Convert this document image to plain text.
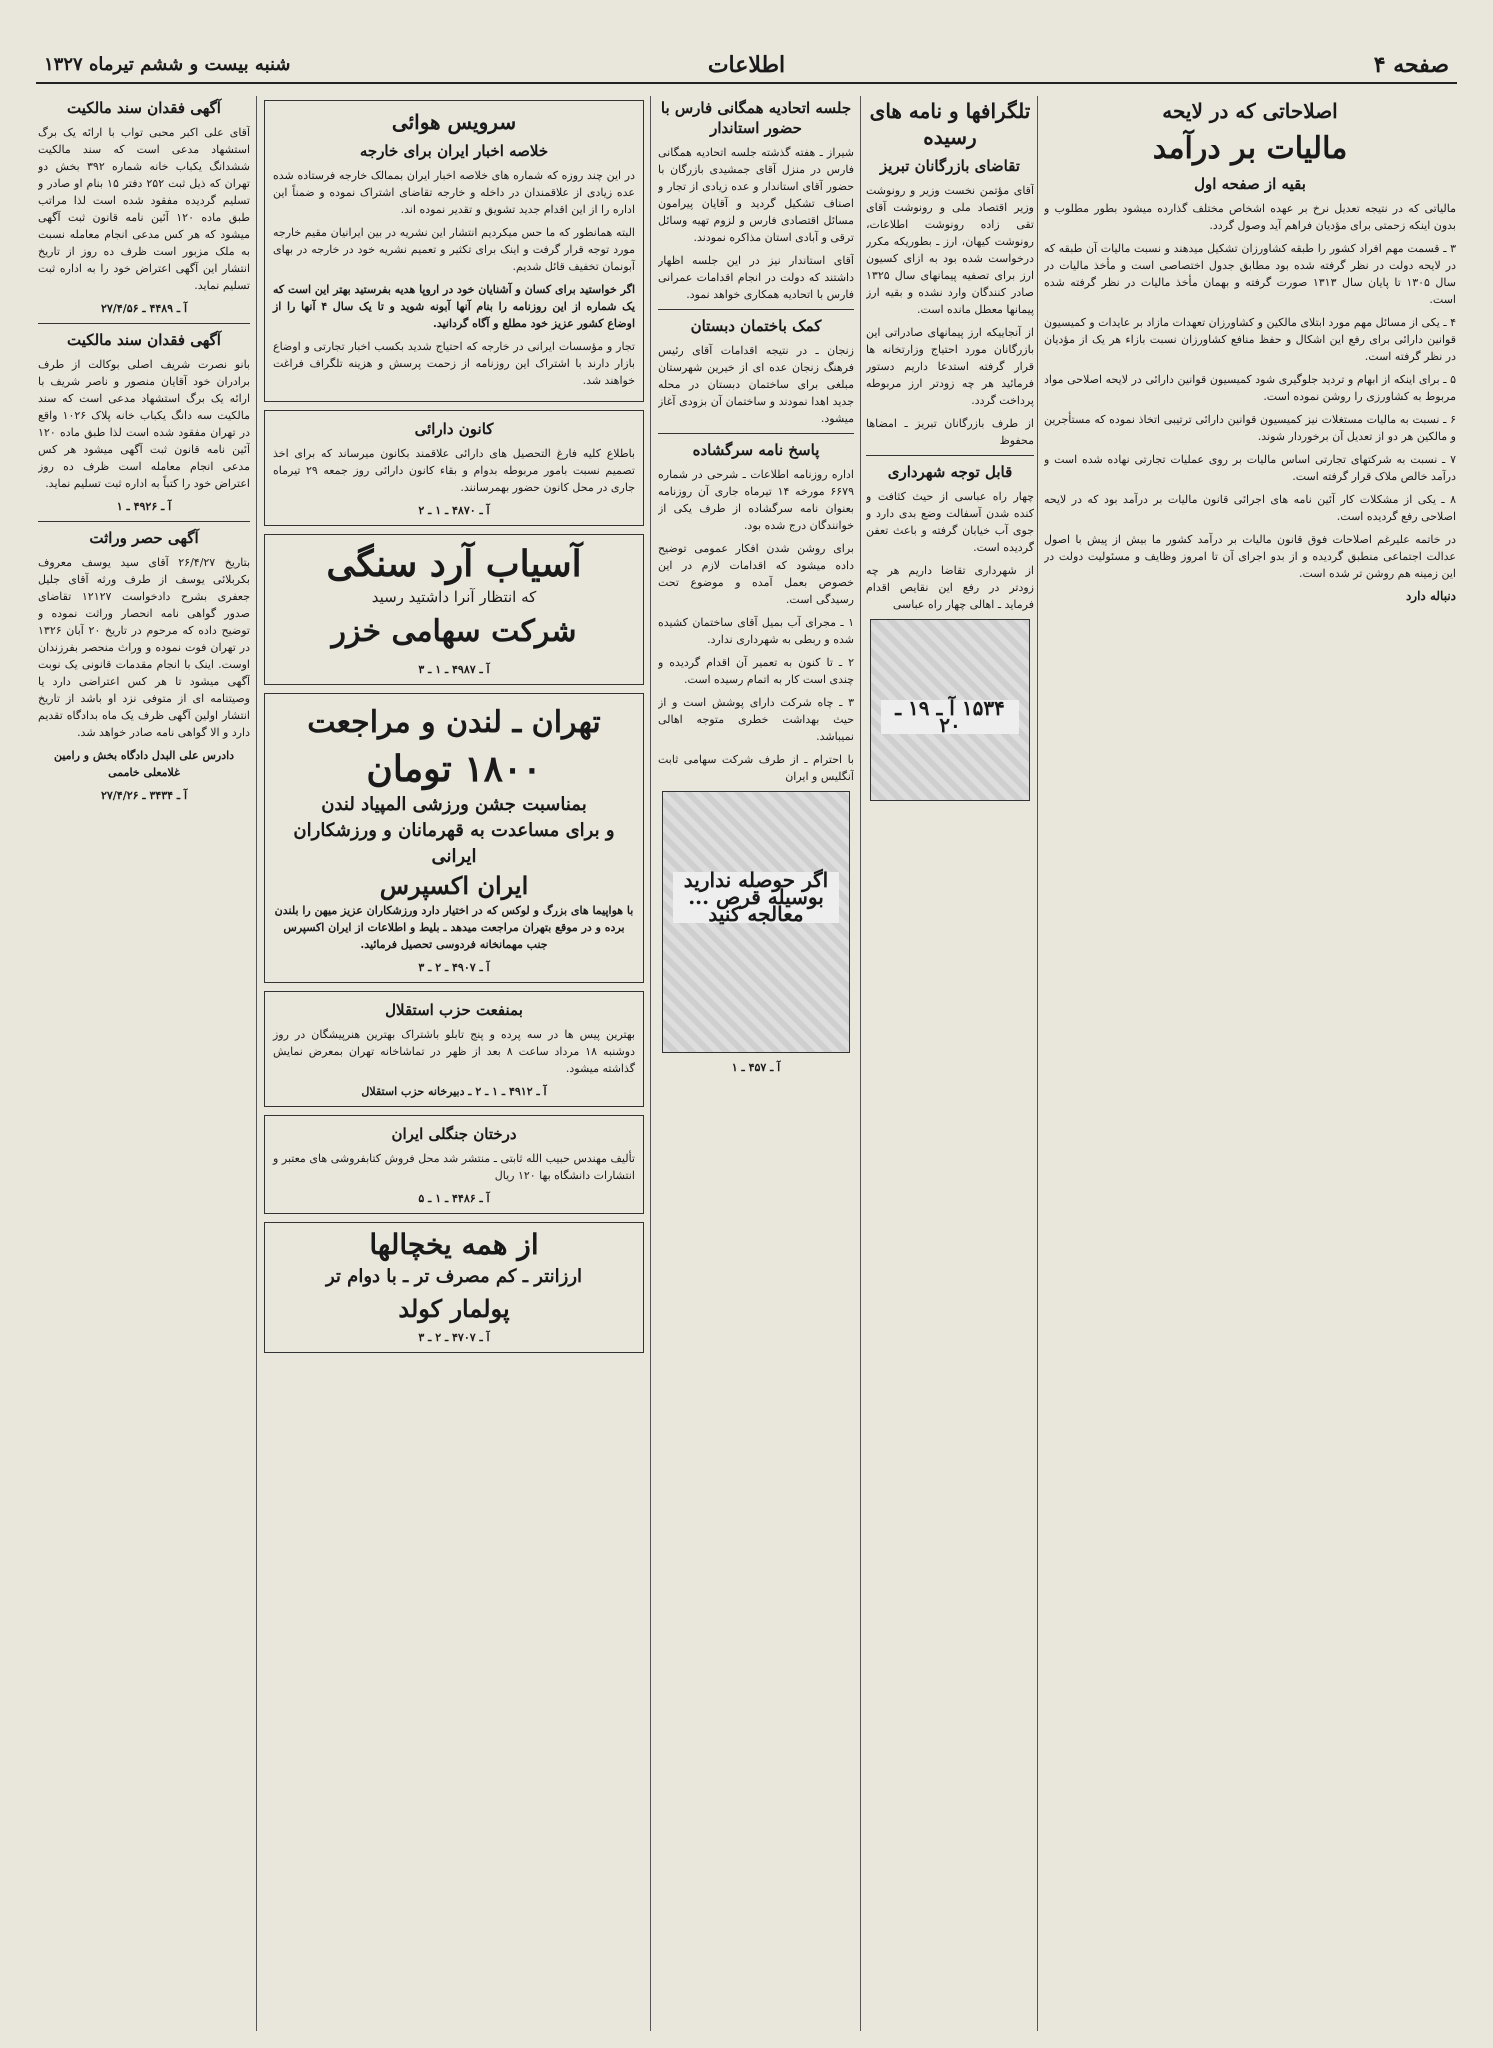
صفحه ۴
اطلاعات
شنبه بیست و ششم تیرماه ۱۳۲۷
اصلاحاتی که در لایحه
مالیات بر درآمد
بقیه از صفحه اول

مالیاتی که در نتیجه تعدیل نرخ بر عهده اشخاص مختلف گذارده میشود بطور مطلوب و بدون اینکه زحمتی برای مؤدیان فراهم آید وصول گردد.

۳ ـ قسمت مهم افراد کشور را طبقه کشاورزان تشکیل میدهند و نسبت مالیات آن طبقه که در لایحه دولت در نظر گرفته شده بود مطابق جدول اختصاصی است و مأخذ مالیات در سال ۱۳۰۵ تا پایان سال ۱۳۱۳ صورت گرفته و بهمان مأخذ مالیات در نظر گرفته شده است.

۴ ـ یکی از مسائل مهم مورد ابتلای مالکین و کشاورزان تعهدات مازاد بر عایدات و کمیسیون قوانین دارائی برای رفع این اشکال و حفظ منافع کشاورزان نسبت بازاء هر یک از مؤدیان در نظر گرفته است.

۵ ـ برای اینکه از ابهام و تردید جلوگیری شود کمیسیون قوانین دارائی در لایحه اصلاحی مواد مربوط به کشاورزی را روشن نموده است.

۶ ـ نسبت به مالیات مستغلات نیز کمیسیون قوانین دارائی ترتیبی اتخاذ نموده که مستأجرین و مالکین هر دو از تعدیل آن برخوردار شوند.

۷ ـ نسبت به شرکتهای تجارتی اساس مالیات بر روی عملیات تجارتی نهاده شده است و درآمد خالص ملاک قرار گرفته است.

۸ ـ یکی از مشکلات کار آئین نامه های اجرائی قانون مالیات بر درآمد بود که در لایحه اصلاحی رفع گردیده است.

در خاتمه علیرغم اصلاحات فوق قانون مالیات بر درآمد کشور ما بیش از پیش با اصول عدالت اجتماعی منطبق گردیده و از بدو اجرای آن تا امروز وظایف و مسئولیت دولت در این زمینه هم روشن تر شده است.

دنباله دارد
تلگرافها و نامه های رسیده
تقاضای بازرگانان تبریز

آقای مؤتمن نخست وزیر و رونوشت وزیر اقتصاد ملی و رونوشت آقای تقی زاده رونوشت اطلاعات، رونوشت کیهان، ارز ـ بطوریکه مکرر درخواست شده بود به ازای کسیون ارز برای تصفیه پیمانهای سال ۱۳۲۵ صادر کنندگان وارد نشده و بقیه ارز پیمانها معطل مانده است.

از آنجاییکه ارز پیمانهای صادراتی این بازرگانان مورد احتیاج وزارتخانه ها قرار گرفته استدعا داریم دستور فرمائید هر چه زودتر ارز مربوطه پرداخت گردد.

از طرف بازرگانان تبریز ـ امضاها محفوظ

قابل توجه شهرداری

چهار راه عباسی از حیث کثافت و کنده شدن آسفالت وضع بدی دارد و جوی آب خیابان گرفته و باعث تعفن گردیده است.

از شهرداری تقاضا داریم هر چه زودتر در رفع این نقایص اقدام فرماید ـ اهالی چهار راه عباسی

۱۵۳۴ آ ـ ۱۹ ـ ۲۰
جلسه اتحادیه همگانی فارس با حضور استاندار

شیراز ـ هفته گذشته جلسه اتحادیه همگانی فارس در منزل آقای جمشیدی بازرگان با حضور آقای استاندار و عده زیادی از تجار و اصناف تشکیل گردید و آقایان پیرامون مسائل اقتصادی فارس و لزوم تهیه وسائل ترقی و آبادی استان مذاکره نمودند.

آقای استاندار نیز در این جلسه اظهار داشتند که دولت در انجام اقدامات عمرانی فارس با اتحادیه همکاری خواهد نمود.

کمک باختمان دبستان

زنجان ـ در نتیجه اقدامات آقای رئیس فرهنگ زنجان عده ای از خیرین شهرستان مبلغی برای ساختمان دبستان در محله جدید اهدا نمودند و ساختمان آن بزودی آغاز میشود.

پاسخ نامه سرگشاده

اداره روزنامه اطلاعات ـ شرحی در شماره ۶۶۷۹ مورخه ۱۴ تیرماه جاری آن روزنامه بعنوان نامه سرگشاده از طرف یکی از خوانندگان درج شده بود.

برای روشن شدن افکار عمومی توضیح داده میشود که اقدامات لازم در این خصوص بعمل آمده و موضوع تحت رسیدگی است.

۱ ـ مجرای آب بمیل آقای ساختمان کشیده شده و ربطی به شهرداری ندارد.

۲ ـ تا کنون به تعمیر آن اقدام گردیده و چندی است کار به اتمام رسیده است.

۳ ـ چاه شرکت دارای پوشش است و از حیث بهداشت خطری متوجه اهالی نمیباشد.

با احترام ـ از طرف شرکت سهامی ثابت آنگلیس و ایران

اگر حوصله ندارید بوسیله قرص ... معالجه کنید
آ ـ ۴۵۷ ـ ۱
سرویس هوائی
خلاصه اخبار ایران برای خارجه

در این چند روزه که شماره های خلاصه اخبار ایران بممالک خارجه فرستاده شده عده زیادی از علاقمندان در داخله و خارجه تقاضای اشتراک نموده و ضمناً این اداره را از این اقدام جدید تشویق و تقدیر نموده اند.

البته همانطور که ما حس میکردیم انتشار این نشریه در بین ایرانیان مقیم خارجه مورد توجه قرار گرفت و اینک برای تکثیر و تعمیم نشریه خود در خارجه در بهای آبونمان تخفیف قائل شدیم.

اگر خواستید برای کسان و آشنایان خود در اروپا هدیه بفرستید بهتر این است که یک شماره از این روزنامه را بنام آنها آبونه شوید و تا یک سال ۴ آنها را از اوضاع کشور عزیز خود مطلع و آگاه گردانید.

تجار و مؤسسات ایرانی در خارجه که احتیاج شدید بکسب اخبار تجارتی و اوضاع بازار دارند با اشتراک این روزنامه از زحمت پرسش و هزینه تلگراف فراغت خواهند شد.

کانون دارائی

باطلاع کلیه فارغ التحصیل های دارائی علاقمند بکانون میرساند که برای اخذ تصمیم نسبت بامور مربوطه بدوام و بقاء کانون دارائی روز جمعه ۲۹ تیرماه جاری در محل کانون حضور بهمرسانند.

آ ـ ۴۸۷۰ ـ ۱ ـ ۲
آسیاب آرد سنگی
که انتظار آنرا داشتید رسید
شرکت سهامی خزر
آ ـ ۴۹۸۷ ـ ۱ ـ ۳
تهران ـ لندن و مراجعت
۱۸۰۰ تومان
بمناسبت جشن ورزشی المپیاد لندن
و برای مساعدت به قهرمانان و ورزشکاران ایرانی
ایران اکسپرس

با هواپیما های بزرگ و لوکس که در اختیار دارد ورزشکاران عزیز میهن را بلندن برده و در موقع بتهران مراجعت میدهد ـ بلیط و اطلاعات از ایران اکسپرس جنب مهمانخانه فردوسی تحصیل فرمائید.

آ ـ ۴۹۰۷ ـ ۲ ـ ۳
بمنفعت حزب استقلال

بهترین پیس ها در سه پرده و پنج تابلو باشتراک بهترین هنرپیشگان در روز دوشنبه ۱۸ مرداد ساعت ۸ بعد از ظهر در تماشاخانه تهران بمعرض نمایش گذاشته میشود.

آ ـ ۴۹۱۲ ـ ۱ ـ ۲ ـ دبیرخانه حزب استقلال
درختان جنگلی ایران

تألیف مهندس حبیب الله ثابتی ـ منتشر شد محل فروش کتابفروشی های معتبر و انتشارات دانشگاه بها ۱۲۰ ریال

آ ـ ۴۴۸۶ ـ ۱ ـ ۵
از همه یخچالها
ارزانتر ـ کم مصرف تر ـ با دوام تر
پولمار کولد
آ ـ ۴۷۰۷ ـ ۲ ـ ۳
آگهی فقدان سند مالکیت

آقای علی اکبر محبی تواب با ارائه یک برگ استشهاد مدعی است که سند مالکیت ششدانگ یکباب خانه شماره ۳۹۲ بخش دو تهران که ذیل ثبت ۲۵۲ دفتر ۱۵ بنام او صادر و تسلیم گردیده مفقود شده است لذا مراتب طبق ماده ۱۲۰ آئین نامه قانون ثبت آگهی میشود که هر کس مدعی انجام معامله نسبت به ملک مزبور است ظرف ده روز از تاریخ انتشار این آگهی اعتراض خود را به اداره ثبت تسلیم نماید.

آ ـ ۴۴۸۹ ـ ۲۷/۴/۵۶
آگهی فقدان سند مالکیت

بانو نصرت شریف اصلی بوکالت از طرف برادران خود آقایان منصور و ناصر شریف با ارائه یک برگ استشهاد مدعی است که سند مالکیت سه دانگ یکباب خانه پلاک ۱۰۲۶ واقع در تهران مفقود شده است لذا طبق ماده ۱۲۰ آئین نامه قانون ثبت آگهی میشود هر کس مدعی انجام معامله است ظرف ده روز اعتراض خود را کتباً به اداره ثبت تسلیم نماید.

آ ـ ۴۹۲۶ ـ ۱
آگهی حصر وراثت

بتاریخ ۲۶/۴/۲۷ آقای سید یوسف معروف بکربلائی یوسف از طرف ورثه آقای جلیل جعفری بشرح دادخواست ۱۲۱۲۷ تقاضای صدور گواهی نامه انحصار وراثت نموده و توضیح داده که مرحوم در تاریخ ۲۰ آبان ۱۳۲۶ در تهران فوت نموده و وراث منحصر بفرزندان اوست. اینک با انجام مقدمات قانونی یک نوبت آگهی میشود تا هر کس اعتراضی دارد یا وصیتنامه ای از متوفی نزد او باشد از تاریخ انتشار اولین آگهی ظرف یک ماه بدادگاه تقدیم دارد و الا گواهی نامه صادر خواهد شد.

دادرس علی البدل دادگاه بخش و رامین غلامعلی خاممی

آ ـ ۳۴۳۴ ـ ۲۷/۴/۲۶
